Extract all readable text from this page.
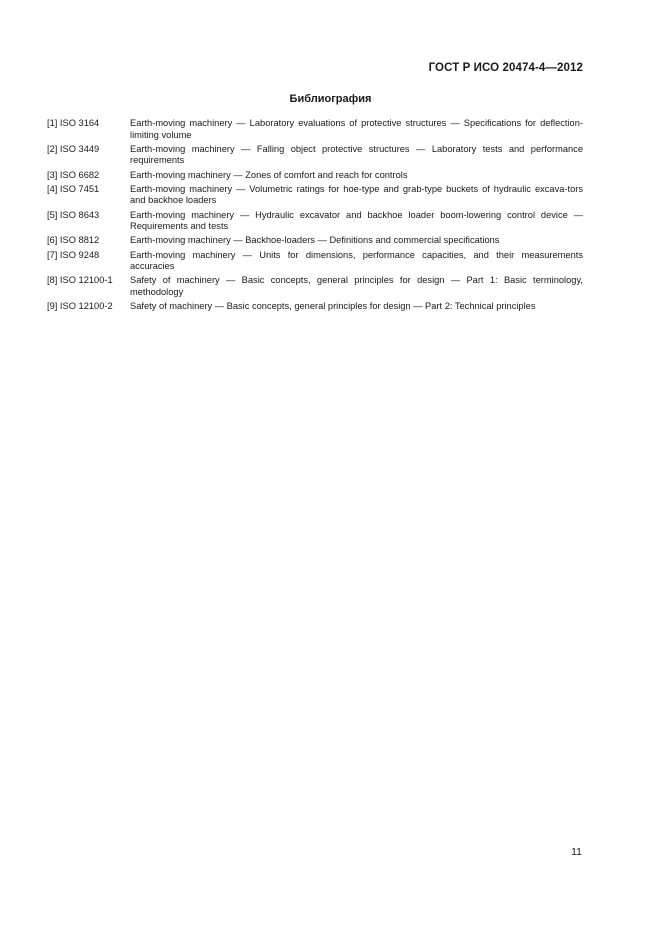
ГОСТ Р ИСО 20474-4—2012
Библиография
[1] ISO 3164	Earth-moving machinery — Laboratory evaluations of protective structures — Specifications for deflection-limiting volume
[2] ISO 3449	Earth-moving machinery — Falling object protective structures — Laboratory tests and performance requirements
[3] ISO 6682	Earth-moving machinery — Zones of comfort and reach for controls
[4] ISO 7451	Earth-moving machinery — Volumetric ratings for hoe-type and grab-type buckets of hydraulic excava-tors and backhoe loaders
[5] ISO 8643	Earth-moving machinery — Hydraulic excavator and backhoe loader boom-lowering control device — Requirements and tests
[6] ISO 8812	Earth-moving machinery — Backhoe-loaders — Definitions and commercial specifications
[7] ISO 9248	Earth-moving machinery — Units for dimensions, performance capacities, and their measurements accuracies
[8] ISO 12100-1	Safety of machinery — Basic concepts, general principles for design — Part 1: Basic terminology, methodology
[9] ISO 12100-2	Safety of machinery — Basic concepts, general principles for design — Part 2: Technical principles
11
